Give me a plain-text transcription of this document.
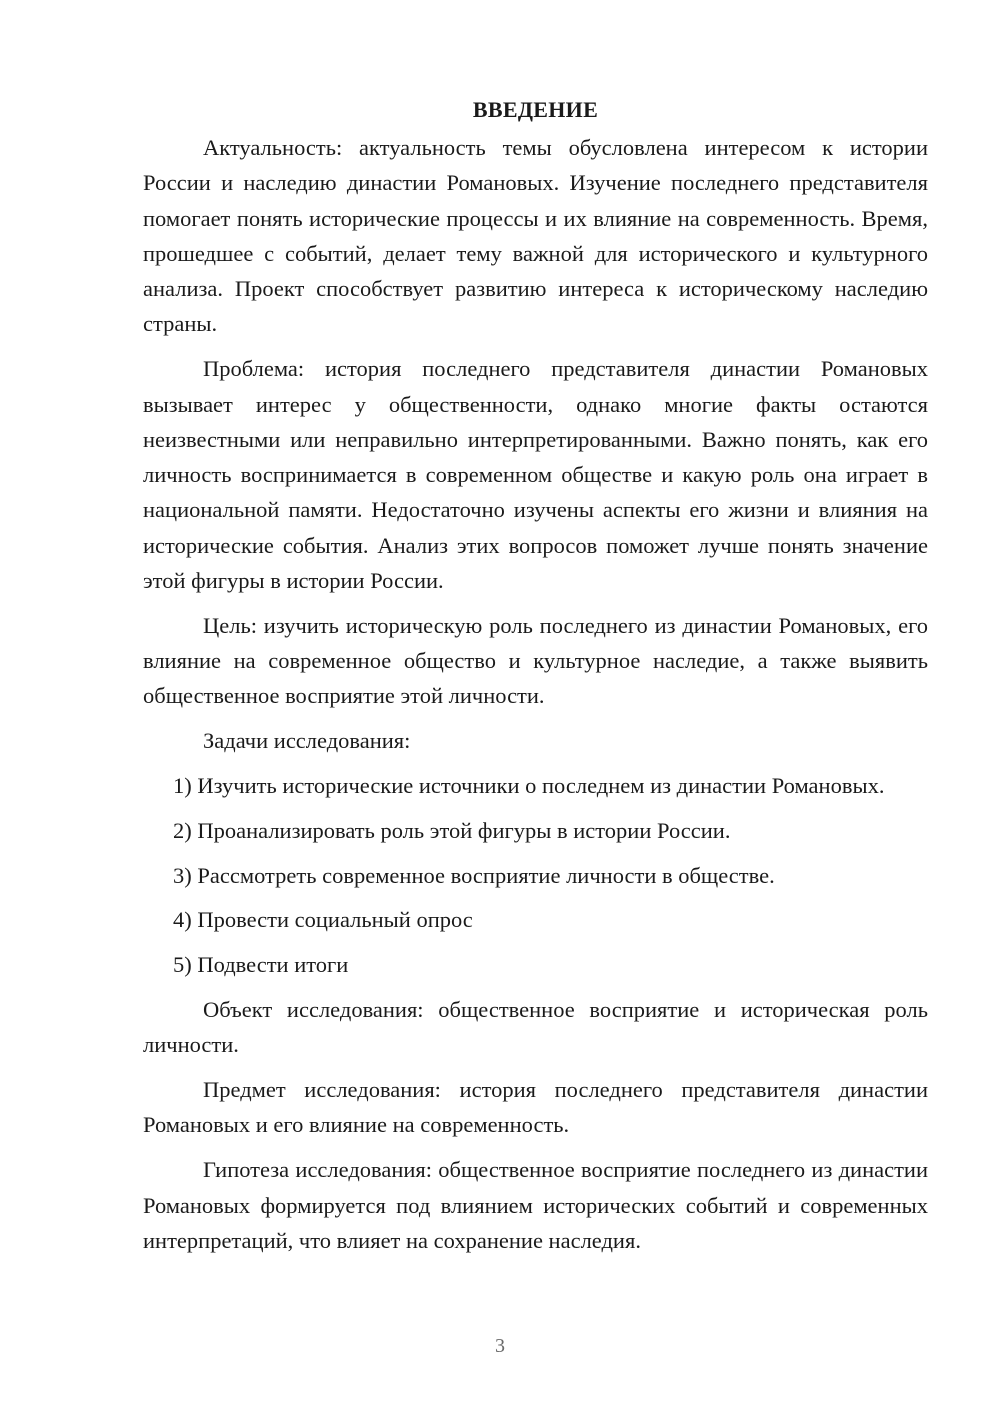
ВВЕДЕНИЕ

Актуальность: актуальность темы обусловлена интересом к истории России и наследию династии Романовых. Изучение последнего представителя помогает понять исторические процессы и их влияние на современность. Время, прошедшее с событий, делает тему важной для исторического и культурного анализа. Проект способствует развитию интереса к историческому наследию страны.

Проблема: история последнего представителя династии Романовых вызывает интерес у общественности, однако многие факты остаются неизвестными или неправильно интерпретированными. Важно понять, как его личность воспринимается в современном обществе и какую роль она играет в национальной памяти. Недостаточно изучены аспекты его жизни и влияния на исторические события. Анализ этих вопросов поможет лучше понять значение этой фигуры в истории России.

Цель: изучить историческую роль последнего из династии Романовых, его влияние на современное общество и культурное наследие, а также выявить общественное восприятие этой личности.

Задачи исследования:

1) Изучить исторические источники о последнем из династии Романовых.

2) Проанализировать роль этой фигуры в истории России.

3) Рассмотреть современное восприятие личности в обществе.

4) Провести социальный опрос

5) Подвести итоги

Объект исследования: общественное восприятие и историческая роль личности.

Предмет исследования: история последнего представителя династии Романовых и его влияние на современность.

Гипотеза исследования: общественное восприятие последнего из династии Романовых формируется под влиянием исторических событий и современных интерпретаций, что влияет на сохранение наследия.

3
